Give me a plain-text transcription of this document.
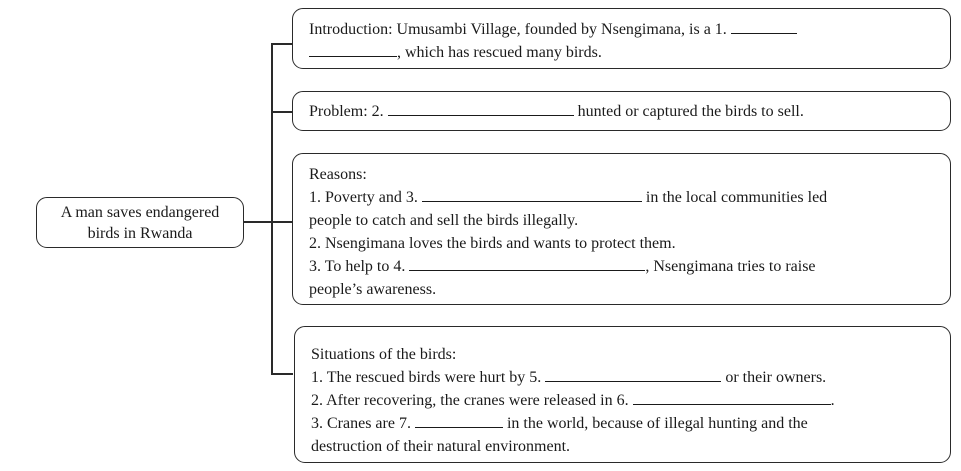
A man saves endangered
birds in Rwanda
Introduction: Umusambi Village, founded by Nsengimana, is a 1.
, which has rescued many birds.
Problem: 2.	hunted or captured the birds to sell.
Reasons:
1. Poverty and 3.	in the local communities led
people to catch and sell the birds illegally.
2. Nsengimana loves the birds and wants to protect them.
3. To help to 4.	, Nsengimana tries to raise
people’s awareness.
Situations of the birds:
1. The rescued birds were hurt by 5.	or their owners.
2. After recovering, the cranes were released in 6.	.
3. Cranes are 7.	in the world, because of illegal hunting and the
destruction of their natural environment.
